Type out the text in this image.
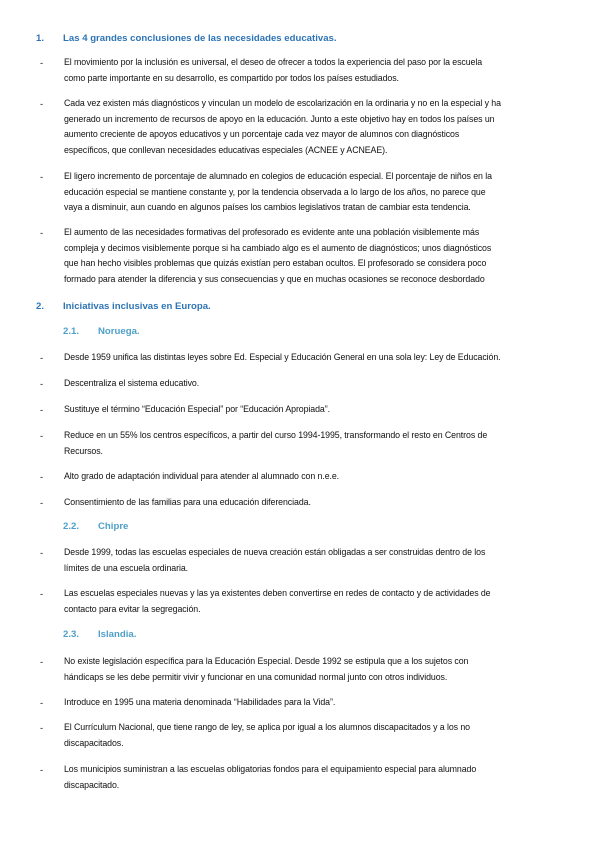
1. Las 4 grandes conclusiones de las necesidades educativas.
- El movimiento por la inclusión es universal, el deseo de ofrecer a todos la experiencia del paso por la escuela
como parte importante en su desarrollo, es compartido por todos los países estudiados.
- Cada vez existen más diagnósticos y vinculan un modelo de escolarización en la ordinaria y no en la especial y ha
generado un incremento de recursos de apoyo en la educación. Junto a este objetivo hay en todos los países un
aumento creciente de apoyos educativos y un porcentaje cada vez mayor de alumnos con diagnósticos
específicos, que conllevan necesidades educativas especiales (ACNEE y ACNEAE).
- El ligero incremento de porcentaje de alumnado en colegios de educación especial. El porcentaje de niños en la
educación especial se mantiene constante y, por la tendencia observada a lo largo de los años, no parece que
vaya a disminuir, aun cuando en algunos países los cambios legislativos tratan de cambiar esta tendencia.
- El aumento de las necesidades formativas del profesorado es evidente ante una población visiblemente más
compleja y decimos visiblemente porque si ha cambiado algo es el aumento de diagnósticos; unos diagnósticos
que han hecho visibles problemas que quizás existían pero estaban ocultos. El profesorado se considera poco
formado para atender la diferencia y sus consecuencias y que en muchas ocasiones se reconoce desbordado
2. Iniciativas inclusivas en Europa.
2.1. Noruega.
- Desde 1959 unifica las distintas leyes sobre Ed. Especial y Educación General en una sola ley: Ley de Educación.
- Descentraliza el sistema educativo.
- Sustituye el término “Educación Especial” por “Educación Apropiada”.
- Reduce en un 55% los centros específicos, a partir del curso 1994-1995, transformando el resto en Centros de
Recursos.
- Alto grado de adaptación individual para atender al alumnado con n.e.e.
- Consentimiento de las familias para una educación diferenciada.
2.2. Chipre
- Desde 1999, todas las escuelas especiales de nueva creación están obligadas a ser construidas dentro de los
límites de una escuela ordinaria.
- Las escuelas especiales nuevas y las ya existentes deben convertirse en redes de contacto y de actividades de
contacto para evitar la segregación.
2.3. Islandia.
- No existe legislación específica para la Educación Especial. Desde 1992 se estipula que a los sujetos con
hándicaps se les debe permitir vivir y funcionar en una comunidad normal junto con otros individuos.
- Introduce en 1995 una materia denominada “Habilidades para la Vida”.
- El Currículum Nacional, que tiene rango de ley, se aplica por igual a los alumnos discapacitados y a los no
discapacitados.
- Los municipios suministran a las escuelas obligatorias fondos para el equipamiento especial para alumnado
discapacitado.
